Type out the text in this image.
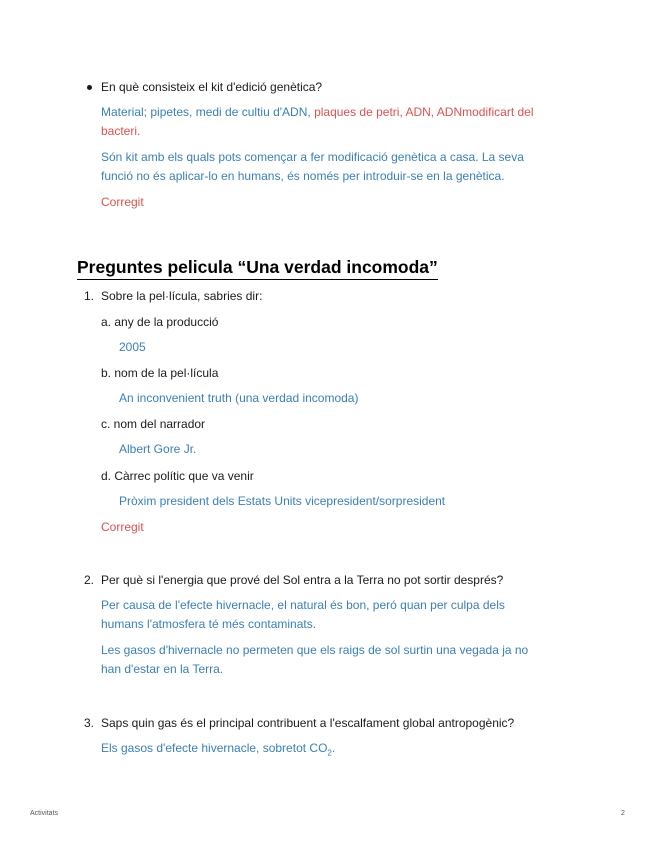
En què consisteix el kit d'edició genètica?
Material; pipetes, medi de cultiu d'ADN, plaques de petri, ADN, ADNmodificart del
bacteri.
Són kit amb els quals pots començar a fer modificació genètica a casa. La seva
funció no és aplicar-lo en humans, és només per introduir-se en la genètica.
Corregit
Preguntes pelicula “Una verdad incomoda”
1. Sobre la pel·lícula, sabries dir:
a. any de la producció
2005
b. nom de la pel·lícula
An inconvenient truth (una verdad incomoda)
c. nom del narrador
Albert Gore Jr.
d. Càrrec polític que va venir
Pròxim president dels Estats Units vicepresident/sorpresident
Corregit
2. Per què si l'energia que prové del Sol entra a la Terra no pot sortir després?
Per causa de l'efecte hivernacle, el natural és bon, peró quan per culpa dels
humans l'atmosfera té més contaminats.
Les gasos d'hivernacle no permeten que els raigs de sol surtin una vegada ja no
han d'estar en la Terra.
3. Saps quin gas és el principal contribuent a l'escalfament global antropogènic?
Els gasos d'efecte hivernacle, sobretot $CO_2$.
Activitats	2
